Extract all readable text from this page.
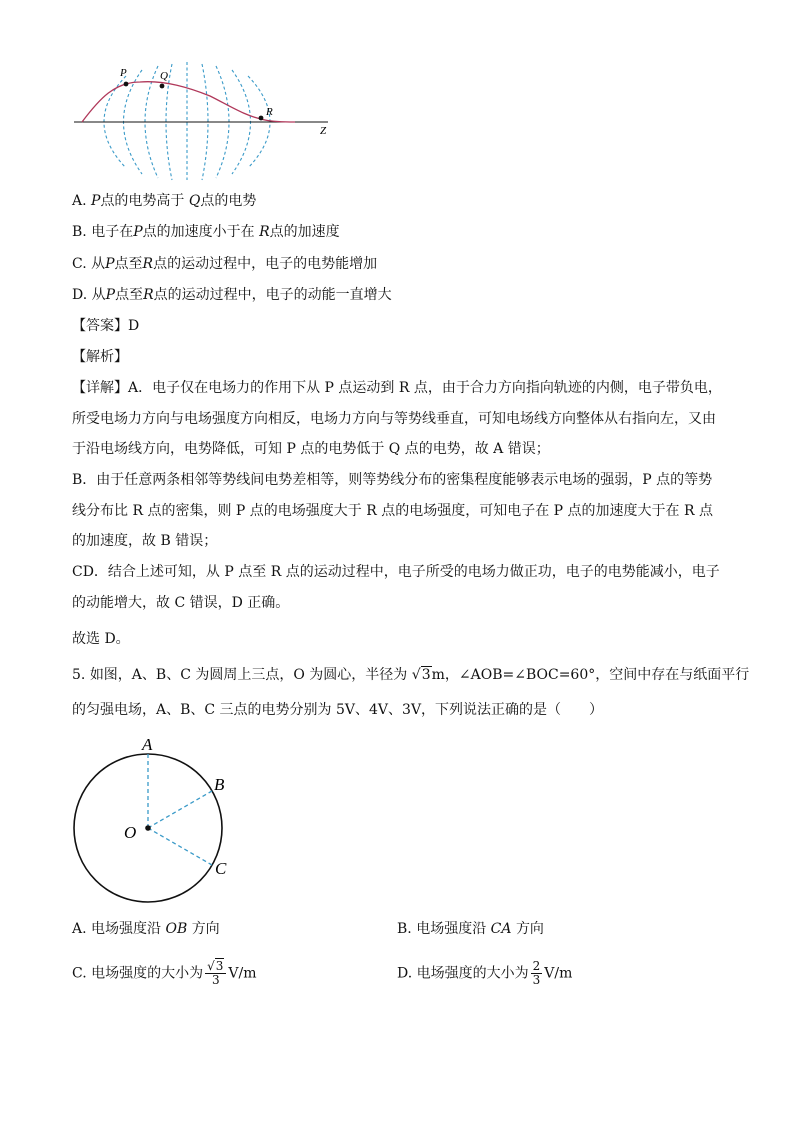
P	Q
R
Z
A. P点的电势高于 Q点的电势
B. 电子在P点的加速度小于在 R点的加速度
C. 从P点至R点的运动过程中，电子的电势能增加
D. 从P点至R点的运动过程中，电子的动能一直增大
【答案】D
【解析】
【详解】A．电子仅在电场力的作用下从 P 点运动到 R 点，由于合力方向指向轨迹的内侧，电子带负电，所受电场力方向与电场强度方向相反，电场力方向与等势线垂直，可知电场线方向整体从右指向左，又由于沿电场线方向，电势降低，可知 P 点的电势低于 Q 点的电势，故 A 错误；
B．由于任意两条相邻等势线间电势差相等，则等势线分布的密集程度能够表示电场的强弱，P 点的等势线分布比 R 点的密集，则 P 点的电场强度大于 R 点的电场强度，可知电子在 P 点的加速度大于在 R 点的加速度，故 B 错误；
CD．结合上述可知，从 P 点至 R 点的运动过程中，电子所受的电场力做正功，电子的电势能减小，电子的动能增大，故 C 错误，D 正确。
故选 D。
5. 如图，A、B、C 为圆周上三点，O 为圆心，半径为 √3m，∠AOB=∠BOC=60°，空间中存在与纸面平行
的匀强电场，A、B、C 三点的电势分别为 5V、4V、3V，下列说法正确的是（　　）
A
B
C
O
A. 电场强度沿 OB 方向	B. 电场强度沿 CA 方向
C. 电场强度的大小为 $\frac{√3}{3} V/m$	D. 电场强度的大小为 $\frac{2}{3} V/m$
